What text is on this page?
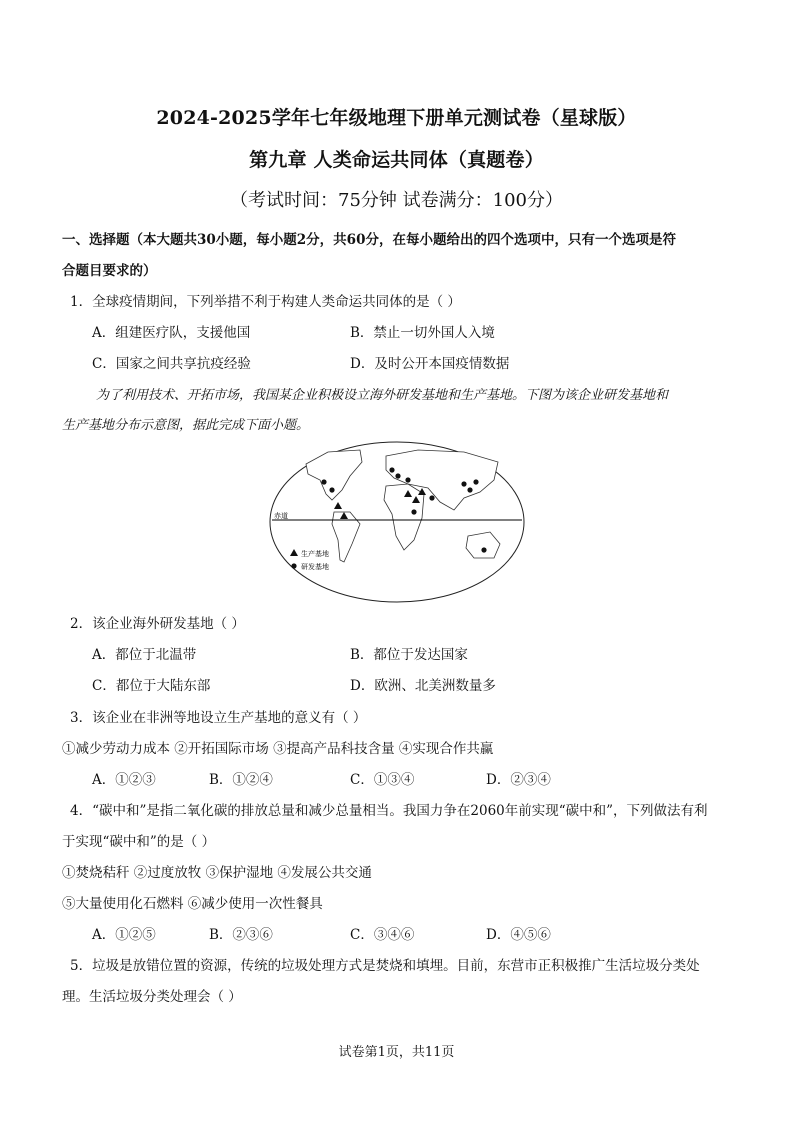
2024-2025学年七年级地理下册单元测试卷（星球版）
第九章 人类命运共同体（真题卷）
（考试时间：75分钟 试卷满分：100分）
一、选择题（本大题共30小题，每小题2分，共60分，在每小题给出的四个选项中，只有一个选项是符
合题目要求的）
1．全球疫情期间，下列举措不利于构建人类命运共同体的是（ ）
A．组建医疗队，支援他国	B．禁止一切外国人入境
C．国家之间共享抗疫经验	D．及时公开本国疫情数据
为了利用技术、开拓市场，我国某企业积极设立海外研发基地和生产基地。下图为该企业研发基地和
生产基地分布示意图，据此完成下面小题。
赤道
生产基地
研发基地
2．该企业海外研发基地（ ）
A．都位于北温带	B．都位于发达国家
C．都位于大陆东部	D．欧洲、北美洲数量多
3．该企业在非洲等地设立生产基地的意义有（ ）
①减少劳动力成本 ②开拓国际市场 ③提高产品科技含量 ④实现合作共赢
A．①②③	B．①②④	C．①③④	D．②③④
4．“碳中和”是指二氧化碳的排放总量和减少总量相当。我国力争在2060年前实现“碳中和”，下列做法有利
于实现“碳中和”的是（ ）
①焚烧秸秆 ②过度放牧 ③保护湿地 ④发展公共交通
⑤大量使用化石燃料 ⑥减少使用一次性餐具
A．①②⑤	B．②③⑥	C．③④⑥	D．④⑤⑥
5．垃圾是放错位置的资源，传统的垃圾处理方式是焚烧和填埋。目前，东营市正积极推广生活垃圾分类处
理。生活垃圾分类处理会（ ）
试卷第1页，共11页
